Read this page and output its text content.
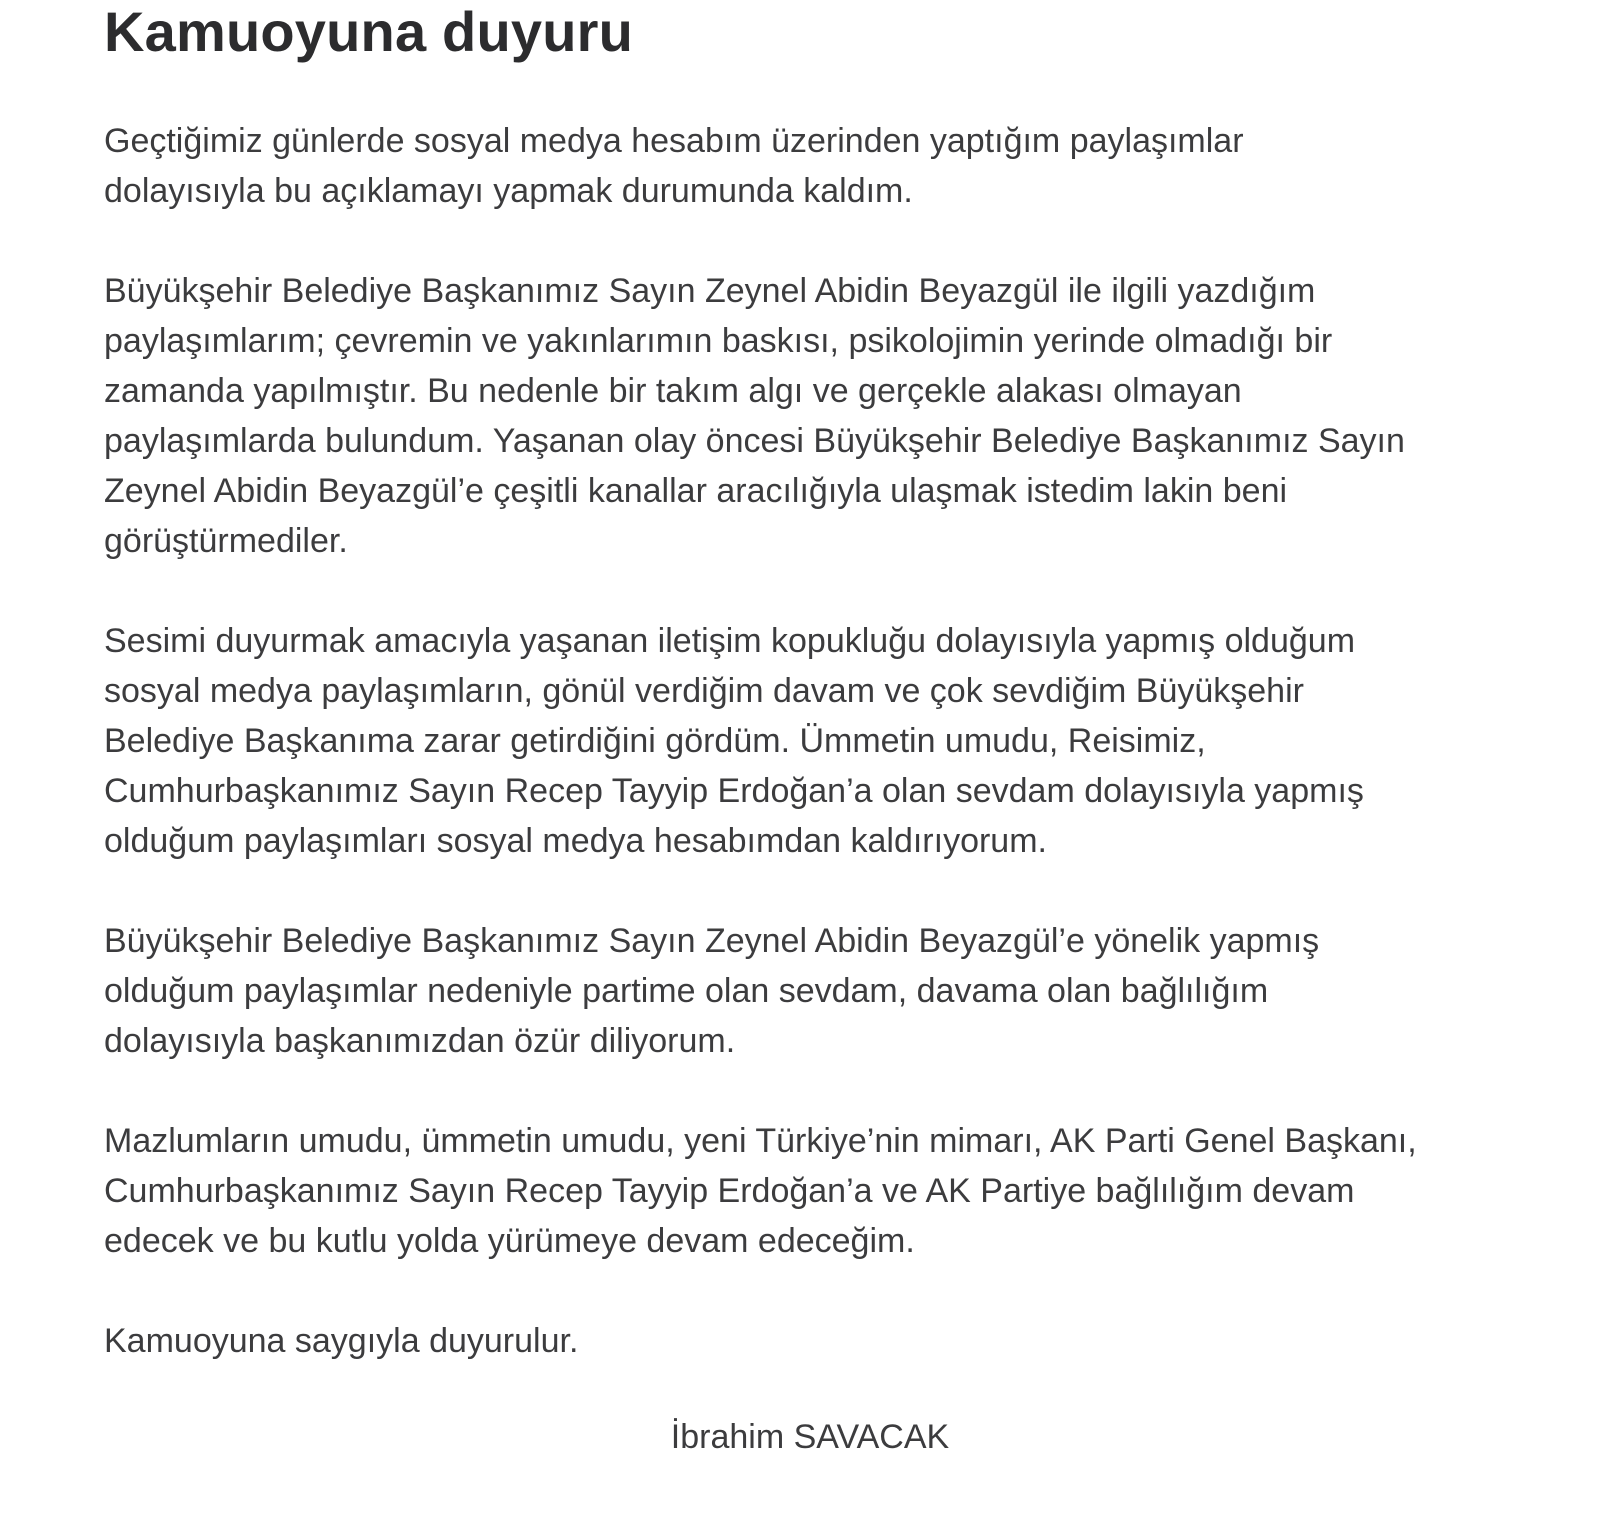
Kamuoyuna duyuru

Geçtiğimiz günlerde sosyal medya hesabım üzerinden yaptığım paylaşımlar
dolayısıyla bu açıklamayı yapmak durumunda kaldım.

Büyükşehir Belediye Başkanımız Sayın Zeynel Abidin Beyazgül ile ilgili yazdığım
paylaşımlarım; çevremin ve yakınlarımın baskısı, psikolojimin yerinde olmadığı bir
zamanda yapılmıştır. Bu nedenle bir takım algı ve gerçekle alakası olmayan
paylaşımlarda bulundum. Yaşanan olay öncesi Büyükşehir Belediye Başkanımız Sayın
Zeynel Abidin Beyazgül’e çeşitli kanallar aracılığıyla ulaşmak istedim lakin beni
görüştürmediler.

Sesimi duyurmak amacıyla yaşanan iletişim kopukluğu dolayısıyla yapmış olduğum
sosyal medya paylaşımların, gönül verdiğim davam ve çok sevdiğim Büyükşehir
Belediye Başkanıma zarar getirdiğini gördüm. Ümmetin umudu, Reisimiz,
Cumhurbaşkanımız Sayın Recep Tayyip Erdoğan’a olan sevdam dolayısıyla yapmış
olduğum paylaşımları sosyal medya hesabımdan kaldırıyorum.

Büyükşehir Belediye Başkanımız Sayın Zeynel Abidin Beyazgül’e yönelik yapmış
olduğum paylaşımlar nedeniyle partime olan sevdam, davama olan bağlılığım
dolayısıyla başkanımızdan özür diliyorum.

Mazlumların umudu, ümmetin umudu, yeni Türkiye’nin mimarı, AK Parti Genel Başkanı,
Cumhurbaşkanımız Sayın Recep Tayyip Erdoğan’a ve AK Partiye bağlılığım devam
edecek ve bu kutlu yolda yürümeye devam edeceğim.

Kamuoyuna saygıyla duyurulur.

İbrahim SAVACAK
